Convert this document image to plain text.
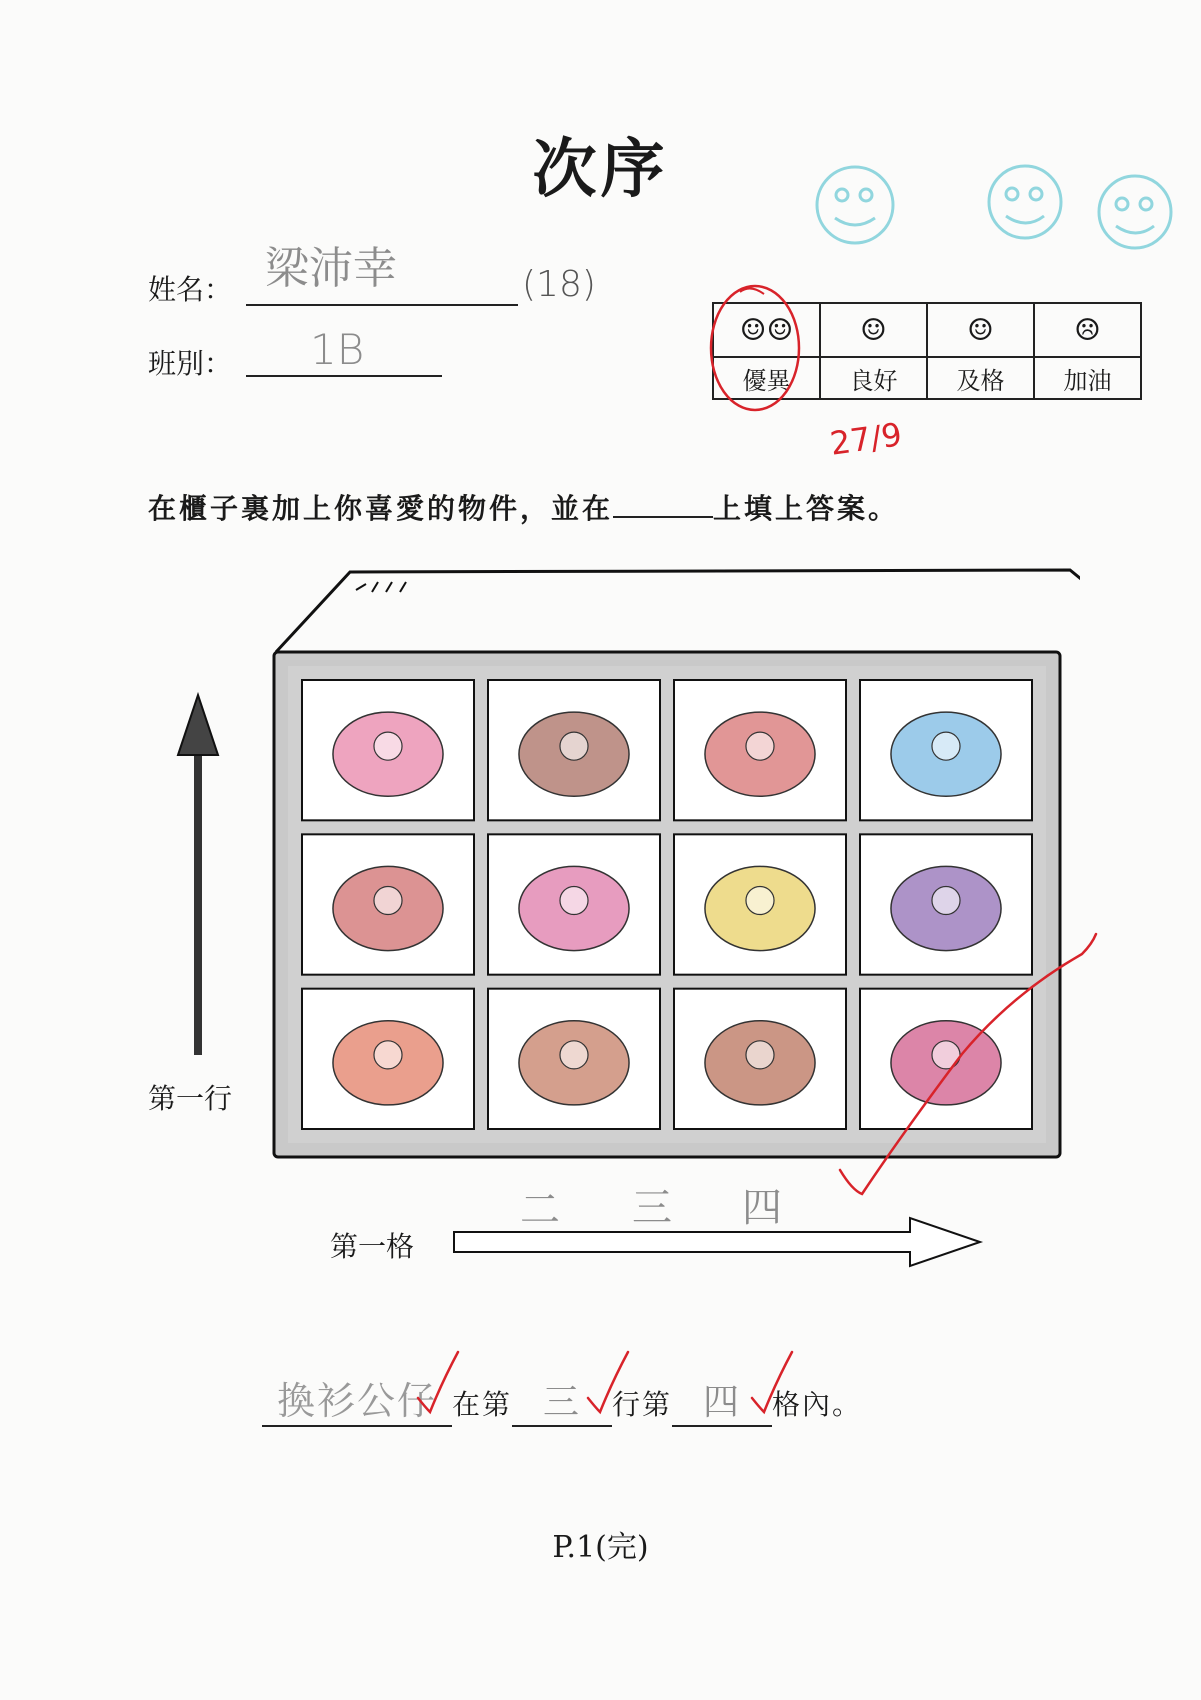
次序
姓名： 梁沛幸	(18)
班別： 1B	☺☺	☺	☺	☹
優異	良好	及格	加油
27/9
在櫃子裏加上你喜愛的物件，並在	上填上答案。
第一行
第一格
二 三 四
換衫公仔 在第 三 行第 四 格內。
P.1(完)
